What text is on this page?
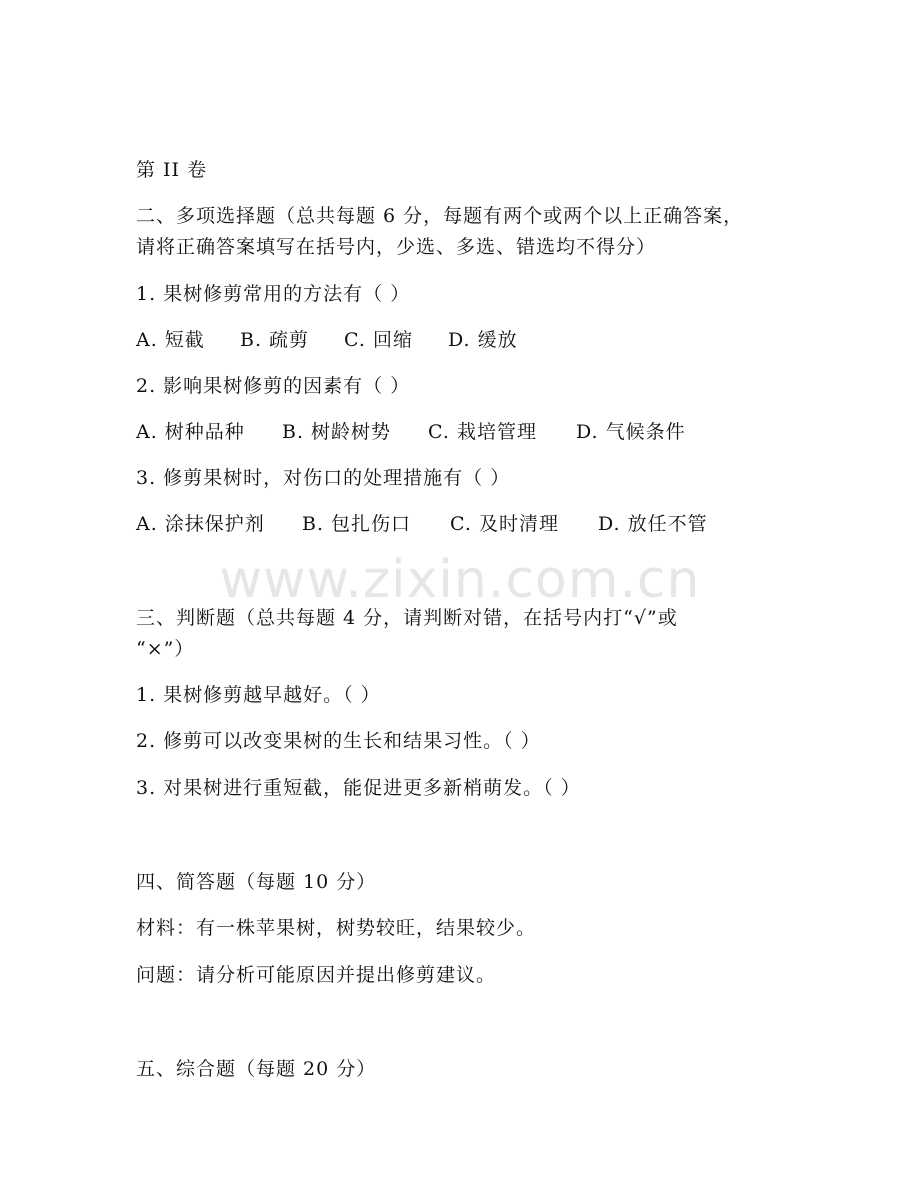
第 II 卷
二、多项选择题（总共每题 6 分，每题有两个或两个以上正确答案，
请将正确答案填写在括号内，少选、多选、错选均不得分）
1. 果树修剪常用的方法有（ ）
A. 短截 B. 疏剪 C. 回缩 D. 缓放
2. 影响果树修剪的因素有（ ）
A. 树种品种 B. 树龄树势 C. 栽培管理 D. 气候条件
3. 修剪果树时，对伤口的处理措施有（ ）
A. 涂抹保护剂 B. 包扎伤口 C. 及时清理 D. 放任不管
www.zixin.com.cn
三、判断题（总共每题 4 分，请判断对错，在括号内打“√”或
“×”）
1. 果树修剪越早越好。（ ）
2. 修剪可以改变果树的生长和结果习性。（ ）
3. 对果树进行重短截，能促进更多新梢萌发。（ ）
四、简答题（每题 10 分）
材料：有一株苹果树，树势较旺，结果较少。
问题：请分析可能原因并提出修剪建议。
五、综合题（每题 20 分）
